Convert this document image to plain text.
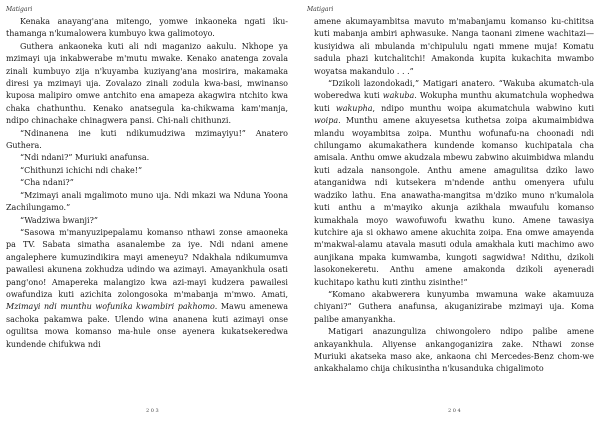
Matigari

Kenaka anayang'ana mitengo, yomwe inkaoneka ngati iku-thamanga n'kumalowera kumbuyo kwa galimotoyo.

Guthera ankaoneka kuti ali ndi maganizo aakulu. Nkhope ya mzimayi uja inkabwerabe m'mutu mwake. Kenako anatenga zovala zinali kumbuyo zija n'kuyamba kuziyang'ana mosirira, makamaka diresi ya mzimayi uja. Zovalazo zinali zodula kwa-basi, mwinanso kuposa malipiro omwe antchito ena amapeza akagwira ntchito kwa chaka chathunthu. Kenako anatsegula ka-chikwama kam'manja, ndipo chinachake chinagwera pansi. Chi-nali chithunzi.

“Ndinanena ine kuti ndikumudziwa mzimayiyu!” Anatero Guthera.

“Ndi ndani?” Muriuki anafunsa.

“Chithunzi ichichi ndi chake!”

“Cha ndani?”

“Mzimayi anali mgalimoto muno uja. Ndi mkazi wa Nduna Yoona Zachilungamo.”

“Wadziwa bwanji?”

“Sasowa m'manyuzipepalamu komanso nthawi zonse amaoneka pa TV. Sabata simatha asanalembe za iye. Ndi ndani amene angalephere kumuzindikira mayi ameneyu? Ndakhala ndikumumva pawailesi akunena zokhudza udindo wa azimayi. Amayankhula osati pang'ono! Amapereka malangizo kwa azi-mayi kudzera pawailesi owafundiza kuti azichita zolongosoka m'mabanja m'mwo. Amati, Mzimayi ndi munthu wofunika kwambiri pakhomo. Mawu amenewa sachoka pakamwa pake. Ulendo wina ananena kuti azimayi onse ogulitsa mowa komanso ma-hule onse ayenera kukatsekeredwa kundende chifukwa ndi

2 0 3
Matigari

amene akumayambitsa mavuto m'mabanjamu komanso ku-chititsa kuti mabanja ambiri aphwasuke. Nanga taonani zimene wachitazi—kusiyidwa ali mbulanda m'chipululu ngati mmene muja! Komatu sadula phazi kutchalitchi! Amakonda kupita kukachita mwambo woyatsa makandulo . . .”

“Dzikoli lazondokadi,” Matigari anatero. “Wakuba akumatch-ula woberedwa kuti wakuba. Wokupha munthu akumatchula wophedwa kuti wakupha, ndipo munthu woipa akumatchula wabwino kuti woipa. Munthu amene akuyesetsa kuthetsa zoipa akumaimbidwa mlandu woyambitsa zoipa. Munthu wofunafu-na choonadi ndi chilungamo akumakatherа kundende komanso kuchipatala cha amisala. Anthu omwe akudzala mbewu zabwino akuimbidwa mlandu kuti adzala nansongole. Anthu amene amagulitsa dziko lawo atanganidwa ndi kutsekera m'ndende anthu omenyera ufulu wadziko lathu. Ena anawatha-mangitsa m'dziko muno n'kumalola kuti anthu a m'mayiko akunja azikhala mwaufulu komanso kumakhala moyo wawofuwofu kwathu kuno. Amene tawasiya kutchire aja si okhawo amene akuchita zoipa. Ena omwe amayenda m'makwal-alamu atavala masuti odula amakhala kuti machimo awo aunjikana mpaka kumwamba, kungoti sagwidwa! Ndithu, dzikoli lasokonekeretu. Anthu amene amakonda dzikoli ayeneradi kuchitapo kathu kuti zinthu zisinthe!”

“Komano akabwerera kunyumba mwamuna wake akamuuza chiyani?” Guthera anafunsa, akuganizirabe mzimayi uja. Koma palibe amanyankha.

Matigari anazunguliza chiwongolero ndipo palibe amene ankayankhula. Aliyense ankangoganizira zake. Nthawi zonse Muriuki akatseka maso ake, ankaona chi Mercedes-Benz chom-we ankakhalamo chija chikusintha n'kusanduka chigalimoto

2 0 4
